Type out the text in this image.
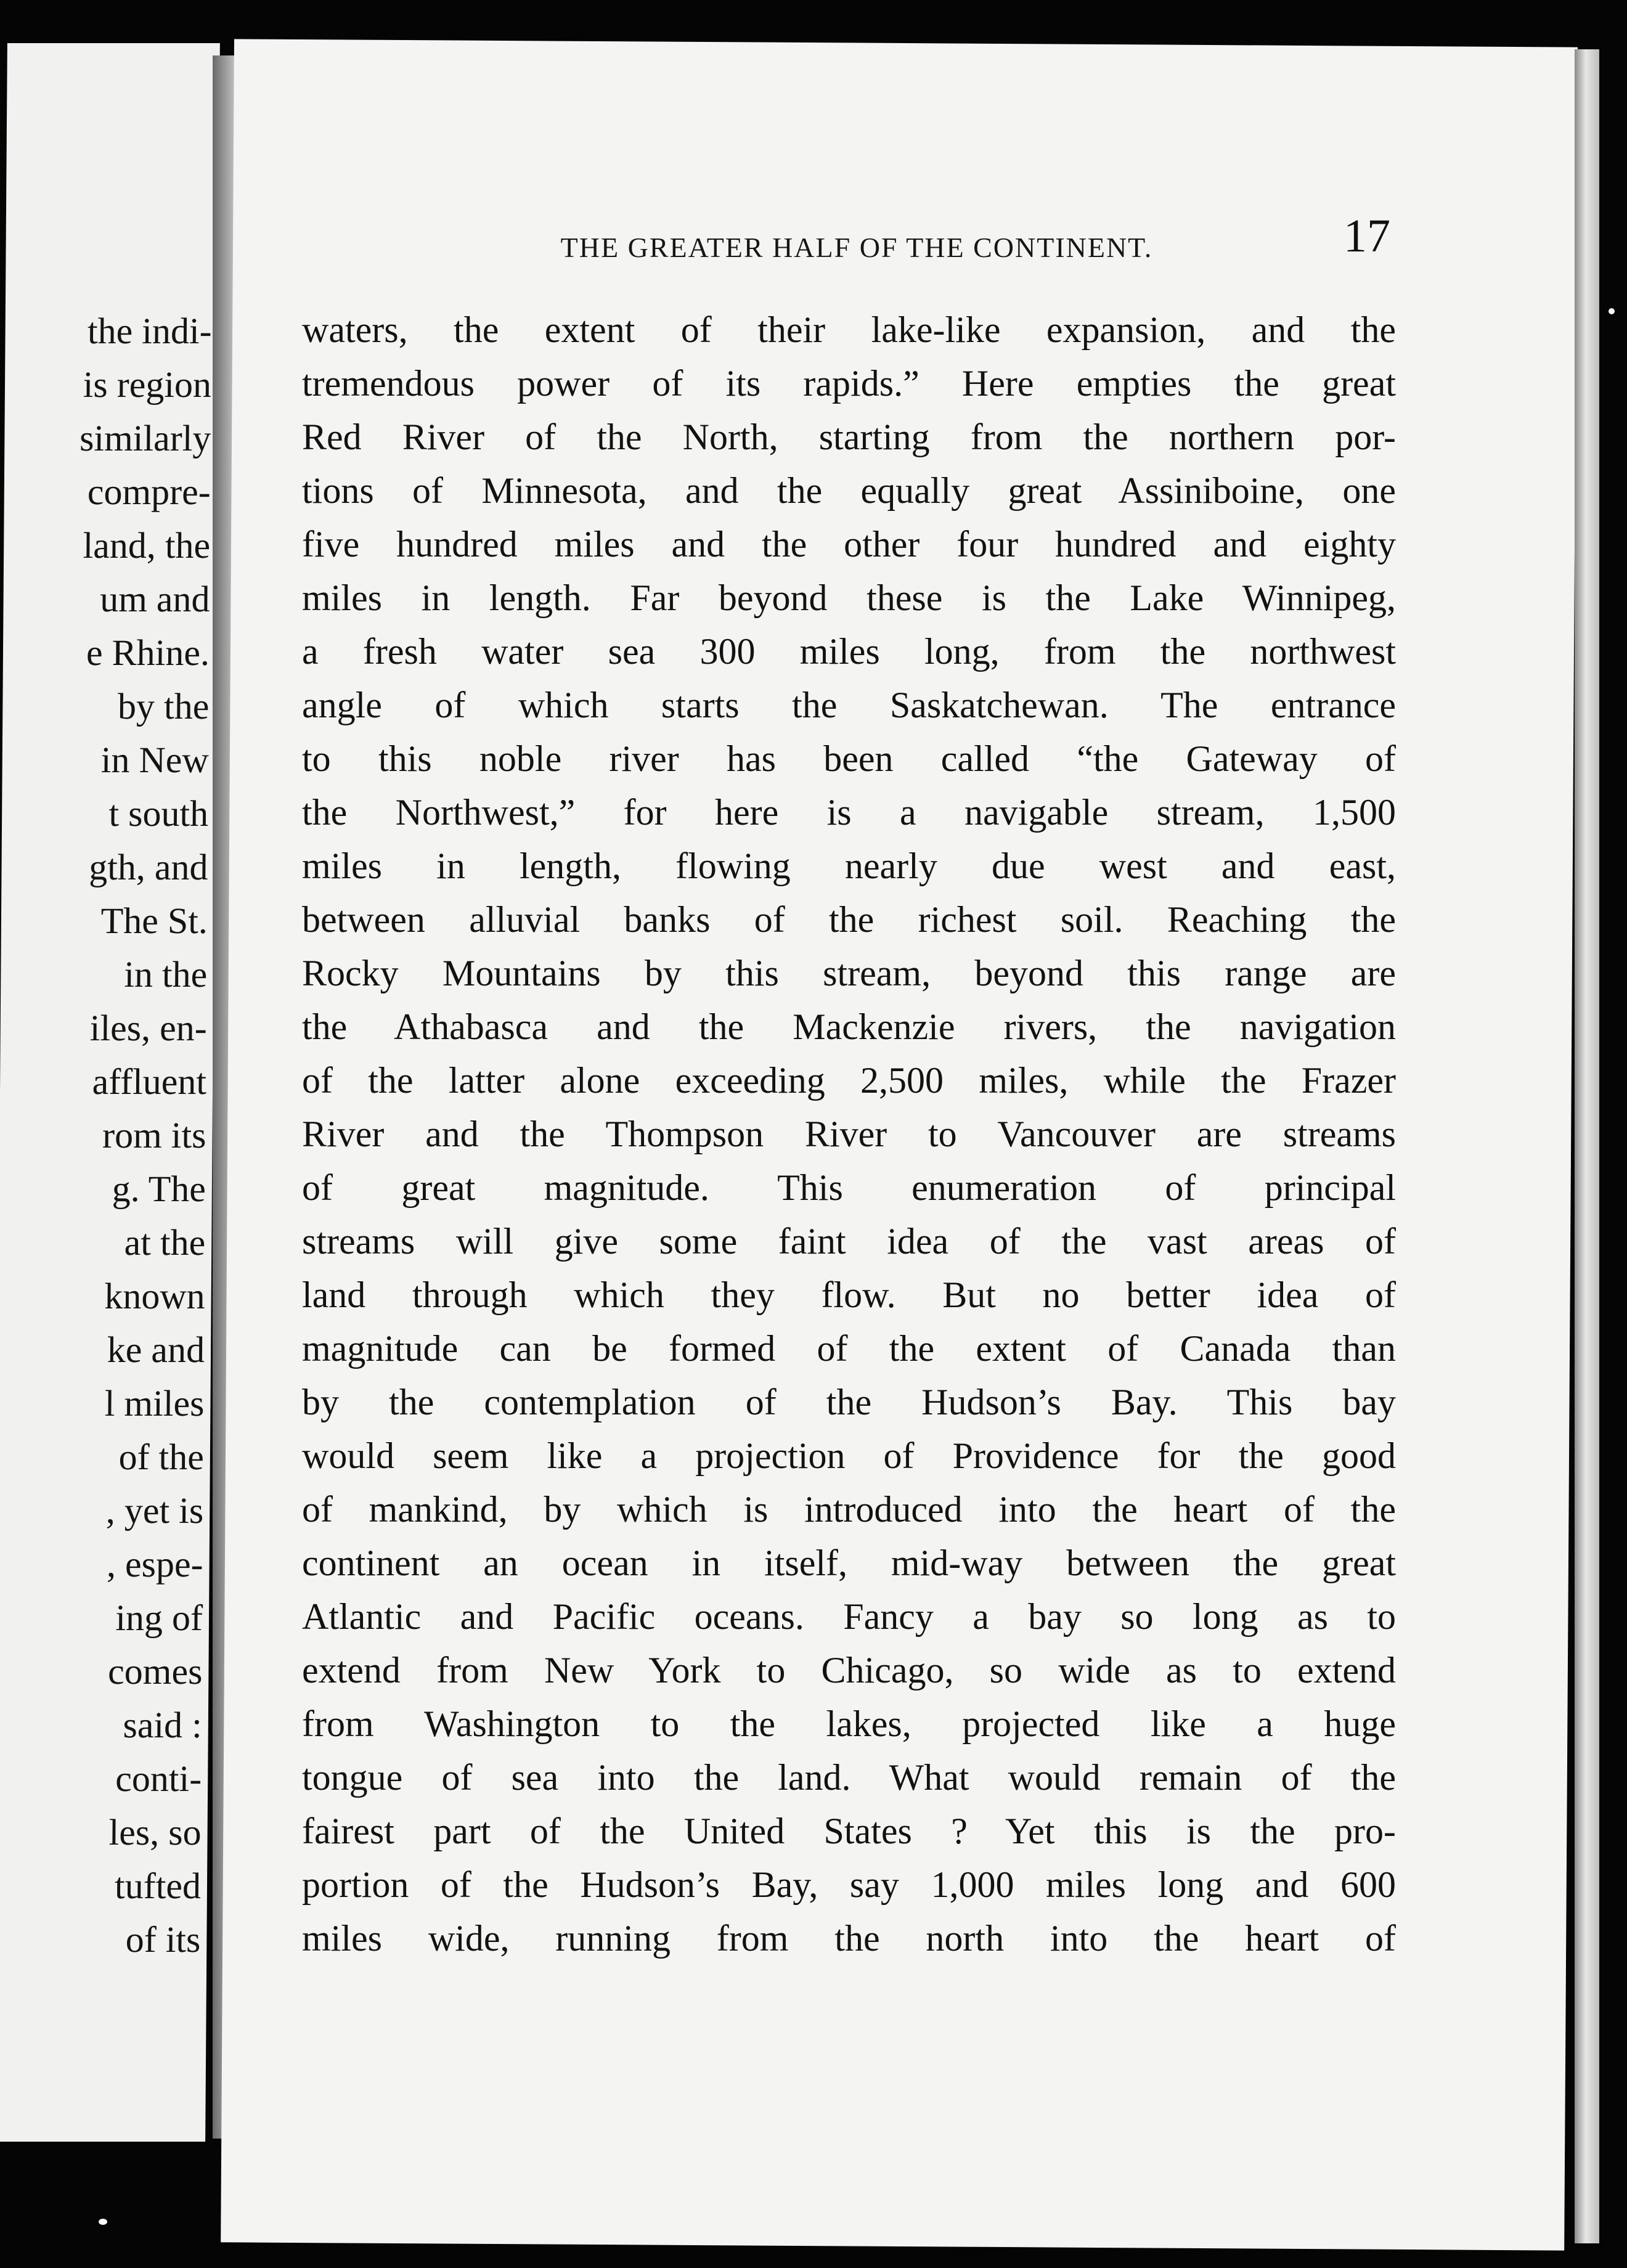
the indi-
is region
similarly
compre-
land, the
um and
e Rhine.
by the
in New
t south
gth, and
The St.
in the
iles, en-
affluent
rom its
g. The
at the
known
ke and
l miles
of the
, yet is
, espe-
ing of
comes
said :
conti-
les, so
tufted
of its
THE GREATER HALF OF THE CONTINENT.	17
waters, the extent of their lake-like expansion, and the
tremendous power of its rapids.” Here empties the great
Red River of the North, starting from the northern por-
tions of Minnesota, and the equally great Assiniboine, one
five hundred miles and the other four hundred and eighty
miles in length. Far beyond these is the Lake Winnipeg,
a fresh water sea 300 miles long, from the northwest
angle of which starts the Saskatchewan. The entrance
to this noble river has been called “the Gateway of
the Northwest,” for here is a navigable stream, 1,500
miles in length, flowing nearly due west and east,
between alluvial banks of the richest soil. Reaching the
Rocky Mountains by this stream, beyond this range are
the Athabasca and the Mackenzie rivers, the navigation
of the latter alone exceeding 2,500 miles, while the Frazer
River and the Thompson River to Vancouver are streams
of great magnitude. This enumeration of principal
streams will give some faint idea of the vast areas of
land through which they flow. But no better idea of
magnitude can be formed of the extent of Canada than
by the contemplation of the Hudson’s Bay. This bay
would seem like a projection of Providence for the good
of mankind, by which is introduced into the heart of the
continent an ocean in itself, mid-way between the great
Atlantic and Pacific oceans. Fancy a bay so long as to
extend from New York to Chicago, so wide as to extend
from Washington to the lakes, projected like a huge
tongue of sea into the land. What would remain of the
fairest part of the United States ? Yet this is the pro-
portion of the Hudson’s Bay, say 1,000 miles long and 600
miles wide, running from the north into the heart of
